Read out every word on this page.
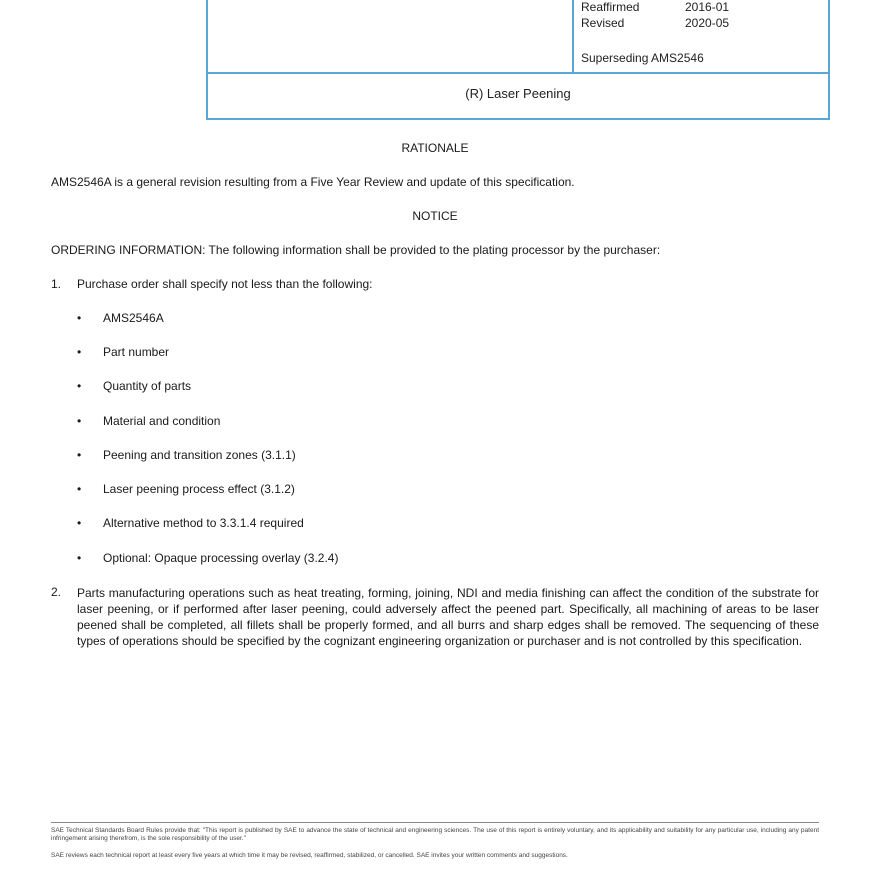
Reaffirmed	2016-01
Revised	2020-05
Superseding AMS2546
(R) Laser Peening
RATIONALE
AMS2546A is a general revision resulting from a Five Year Review and update of this specification.
NOTICE
ORDERING INFORMATION: The following information shall be provided to the plating processor by the purchaser:
1. Purchase order shall specify not less than the following:
• AMS2546A
• Part number
• Quantity of parts
• Material and condition
• Peening and transition zones (3.1.1)
• Laser peening process effect (3.1.2)
• Alternative method to 3.3.1.4 required
• Optional: Opaque processing overlay (3.2.4)
2. Parts manufacturing operations such as heat treating, forming, joining, NDI and media finishing can affect the condition of the substrate for laser peening, or if performed after laser peening, could adversely affect the peened part. Specifically, all machining of areas to be laser peened shall be completed, all fillets shall be properly formed, and all burrs and sharp edges shall be removed. The sequencing of these types of operations should be specified by the cognizant engineering organization or purchaser and is not controlled by this specification.
SAE Technical Standards Board Rules provide that: "This report is published by SAE to advance the state of technical and engineering sciences. The use of this report is entirely voluntary, and its applicability and suitability for any particular use, including any patent infringement arising therefrom, is the sole responsibility of the user."
SAE reviews each technical report at least every five years at which time it may be revised, reaffirmed, stabilized, or cancelled. SAE invites your written comments and suggestions.
